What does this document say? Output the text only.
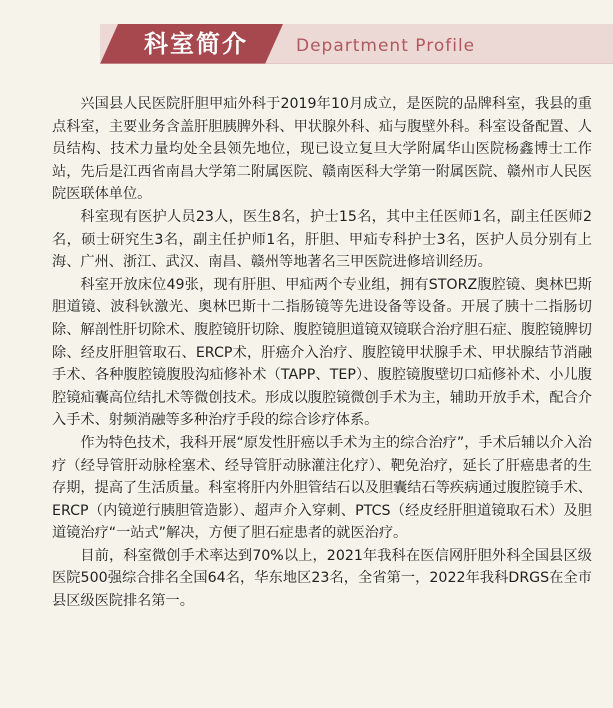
科室简介	Department Profile

兴国县人民医院肝胆甲疝外科于2019年10月成立，是医院的品牌科室，我县的重点科室，主要业务含盖肝胆胰脾外科、甲状腺外科、疝与腹壁外科。科室设备配置、人员结构、技术力量均处全县领先地位，现已设立复旦大学附属华山医院杨鑫博士工作站，先后是江西省南昌大学第二附属医院、赣南医科大学第一附属医院、赣州市人民医院医联体单位。

科室现有医护人员23人，医生8名，护士15名，其中主任医师1名，副主任医师2名，硕士研究生3名，副主任护师1名，肝胆、甲疝专科护士3名，医护人员分别有上海、广州、浙江、武汉、南昌、赣州等地著名三甲医院进修培训经历。

科室开放床位49张，现有肝胆、甲疝两个专业组，拥有STORZ腹腔镜、奥林巴斯胆道镜、波科钬激光、奥林巴斯十二指肠镜等先进设备等设备。开展了胰十二指肠切除、解剖性肝切除术、腹腔镜肝切除、腹腔镜胆道镜双镜联合治疗胆石症、腹腔镜脾切除、经皮肝胆管取石、ERCP术，肝癌介入治疗、腹腔镜甲状腺手术、甲状腺结节消融手术、各种腹腔镜腹股沟疝修补术（TAPP、TEP）、腹腔镜腹壁切口疝修补术、小儿腹腔镜疝囊高位结扎术等微创技术。形成以腹腔镜微创手术为主，辅助开放手术，配合介入手术、射频消融等多种治疗手段的综合诊疗体系。

作为特色技术，我科开展“原发性肝癌以手术为主的综合治疗”，手术后辅以介入治疗（经导管肝动脉栓塞术、经导管肝动脉灌注化疗）、靶免治疗，延长了肝癌患者的生存期，提高了生活质量。科室将肝内外胆管结石以及胆囊结石等疾病通过腹腔镜手术、ERCP（内镜逆行胰胆管造影）、超声介入穿刺、PTCS（经皮经肝胆道镜取石术）及胆道镜治疗“一站式”解决，方便了胆石症患者的就医治疗。

目前，科室微创手术率达到70%以上，2021年我科在医信网肝胆外科全国县区级医院500强综合排名全国64名，华东地区23名，全省第一，2022年我科DRGS在全市县区级医院排名第一。
